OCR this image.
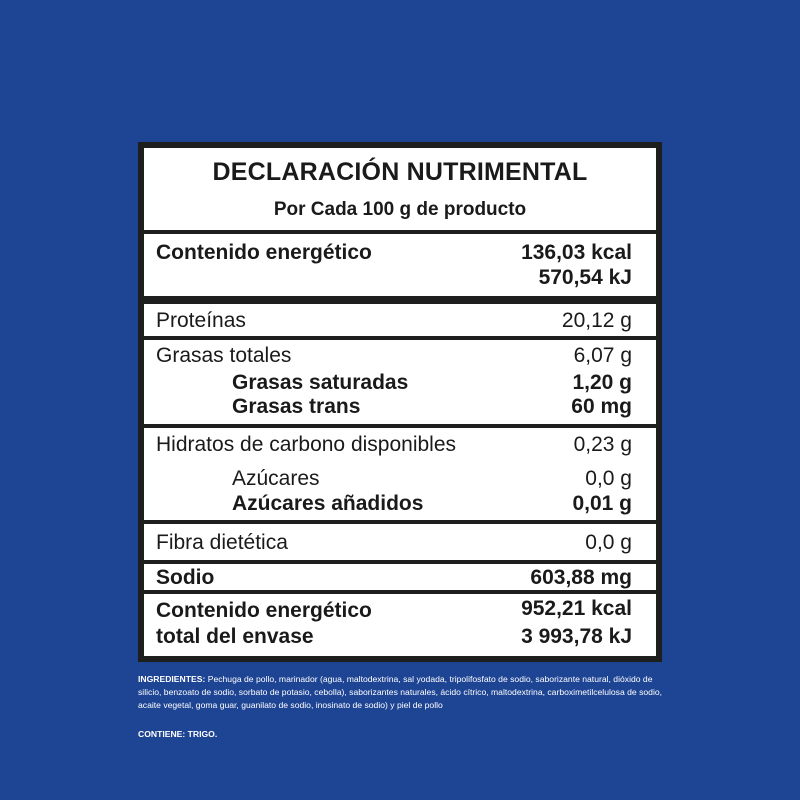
DECLARACIÓN NUTRIMENTAL
Por Cada 100 g de producto
Contenido energético	136,03 kcal
570,54 kJ
Proteínas	20,12 g
Grasas totales	6,07 g
Grasas saturadas	1,20 g
Grasas trans	60 mg
Hidratos de carbono disponibles	0,23 g
Azúcares	0,0 g
Azúcares añadidos	0,01 g
Fibra dietética	0,0 g
Sodio	603,88 mg
Contenido energético	952,21 kcal
total del envase	3 993,78 kJ
INGREDIENTES: Pechuga de pollo, marinador (agua, maltodextrina, sal yodada, tripolifosfato de sodio, saborizante natural, dióxido de silicio, benzoato de sodio, sorbato de potasio, cebolla), saborizantes naturales, ácido cítrico, maltodextrina, carboximetilcelulosa de sodio, acaite vegetal, goma guar, guanilato de sodio, inosinato de sodio) y piel de pollo
CONTIENE: TRIGO.
